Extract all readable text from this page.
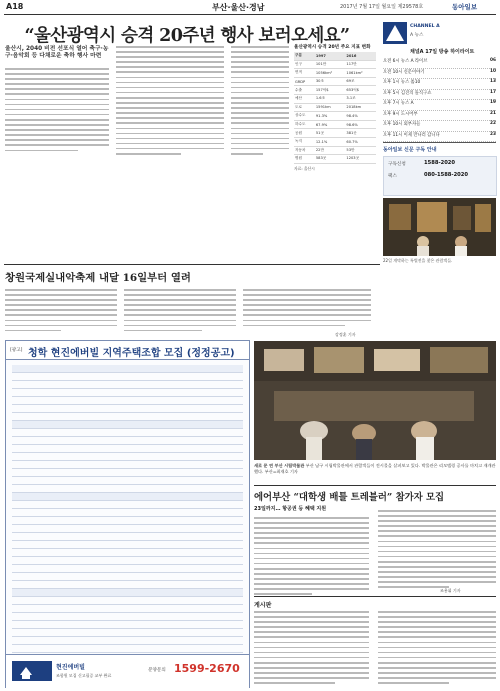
A18	부산·울산·경남	2017년 7월 17일 월요일 제29578호	동아일보
“울산광역시 승격 20주년 행사 보러오세요”
울산시, 2040 비전 선포식 열어 축구·농구·음악회 등 다채로운 축하 행사 마련
울산광역시 승격 20년 주요 지표 변화
구분	1997	2016
인구	101만	117만
면적	1056km²	1061km²
GRDP	30조	69조
수출	157억$	653억$
예산	1.6조	3.1조
도로	1591km	2018km
상수도	91.3%	98.4%
하수도	67.9%	98.6%
공원	51곳	381곳
녹지	12.1%	60.7%
자동차	22만	53만
병원	583곳	1203곳
자료: 울산시
CHANNEL A
A 뉴스
채널A 17일 방송 하이라이트
오전 6시 뉴스 A 라이브	06
오전 10시 신문이야기	10
오후 1시 뉴스 톱10	13
오후 5시 김진의 돌직구쇼	17
오후 7시 뉴스 A	19
오후 9시 도시어부	21
오후 10시 외부자들	22
오후 11시 이제 만나러 갑니다	23
동아일보 신문 구독 안내
구독신청	1588-2020
팩스	080-1588-2020
22일 개막하는 특별전을 찾은 관람객들.
창원국제실내악축제 내달 16일부터 열려
강정훈 기자
[광고] 청학 현진에버빌 지역주택조합 모집 (정정공고)
현진에버빌
조합원 모집 신고필증 교부 완료
분양문의 1599-2670
새로 문 연 부산 시립박물관 부산 남구 시립박물관에서 관람객들이 전시물을 살펴보고 있다. 박물관은 리모델링 공사를 마치고 재개관했다. 부산=최재호 기자
에어부산 “대학생 배틀 트레블러” 참가자 모집
23일까지… 항공권 등 혜택 지원
조용휘 기자
게시판
